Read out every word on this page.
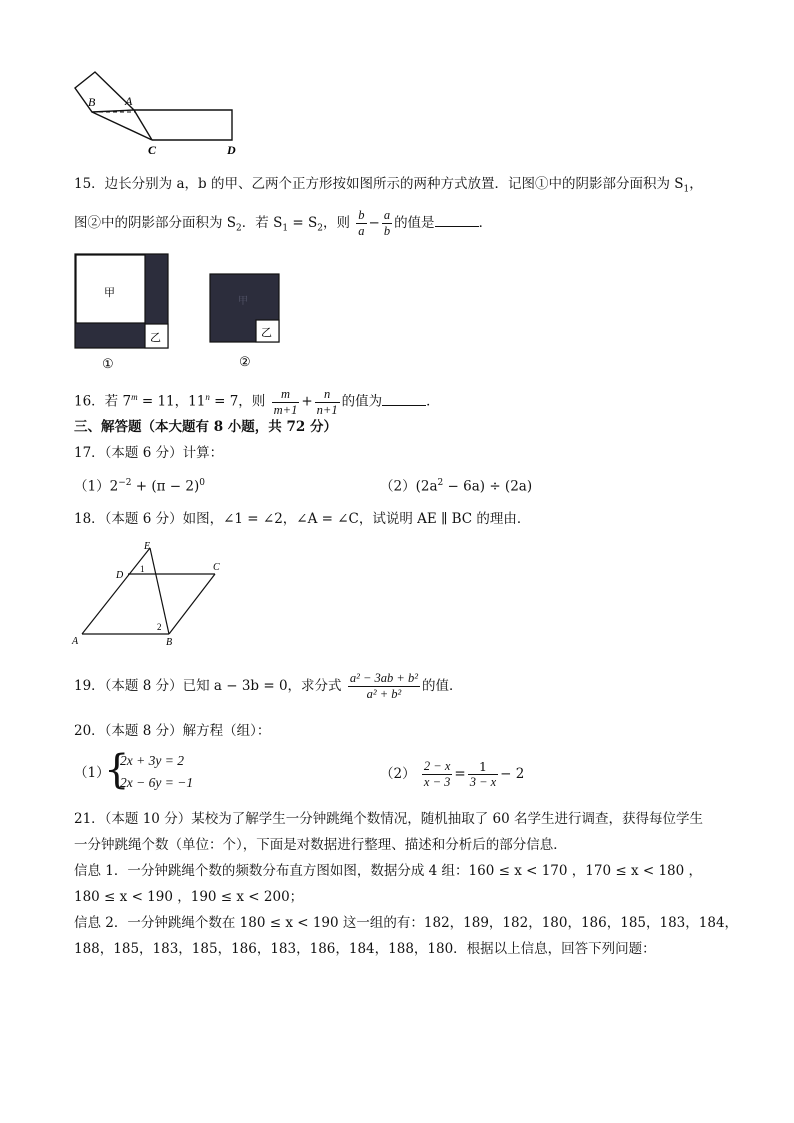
B A
C	D
15．边长分别为 a，b 的甲、乙两个正方形按如图所示的两种方式放置．记图①中的阴影部分面积为 $S_1$，
图②中的阴影部分面积为 $S_2$．若 $S_1 = S_2$，则 $\frac{b}{a} - \frac{a}{b}$ 的值是	．
甲
乙
①
甲
乙
②
16．若 $7^m = 11$，$11^n = 7$，则 $\frac{m}{m+1} + \frac{n}{n+1}$ 的值为	．
三、解答题（本大题有 8 小题，共 72 分）
17．（本题 6 分）计算：
$(1)2^{-2} + (\pi - 2)^0$	$(2)(2a^2 - 6a) \div (2a)$
18．（本题 6 分）如图，∠1 = ∠2，∠A = ∠C，试说明 AE ∥ BC 的理由．
E
D
C
A	B
1
2
19．（本题 8 分）已知 a − 3b = 0，求分式 $\frac{\text{a² − 3ab + b²}}{\text{a² + b²}}$ 的值．
20．（本题 8 分）解方程（组）：
（1）
{
2x + 3y = 2
2x − 6y = −1
$(2) \frac{2 - x}{x - 3} = \frac{1}{3 - x} - 2$
21．（本题 10 分）某校为了解学生一分钟跳绳个数情况，随机抽取了 60 名学生进行调查，获得每位学生
一分钟跳绳个数（单位：个），下面是对数据进行整理、描述和分析后的部分信息．
信息 1．一分钟跳绳个数的频数分布直方图如图，数据分成 4 组：160 ≤ x < 170 ，170 ≤ x < 180 ，
180 ≤ x < 190 ，190 ≤ x < 200；
信息 2．一分钟跳绳个数在 180 ≤ x < 190 这一组的有：182，189，182，180，186，185，183，184，
188，185，183，185，186，183，186，184，188，180．根据以上信息，回答下列问题：
